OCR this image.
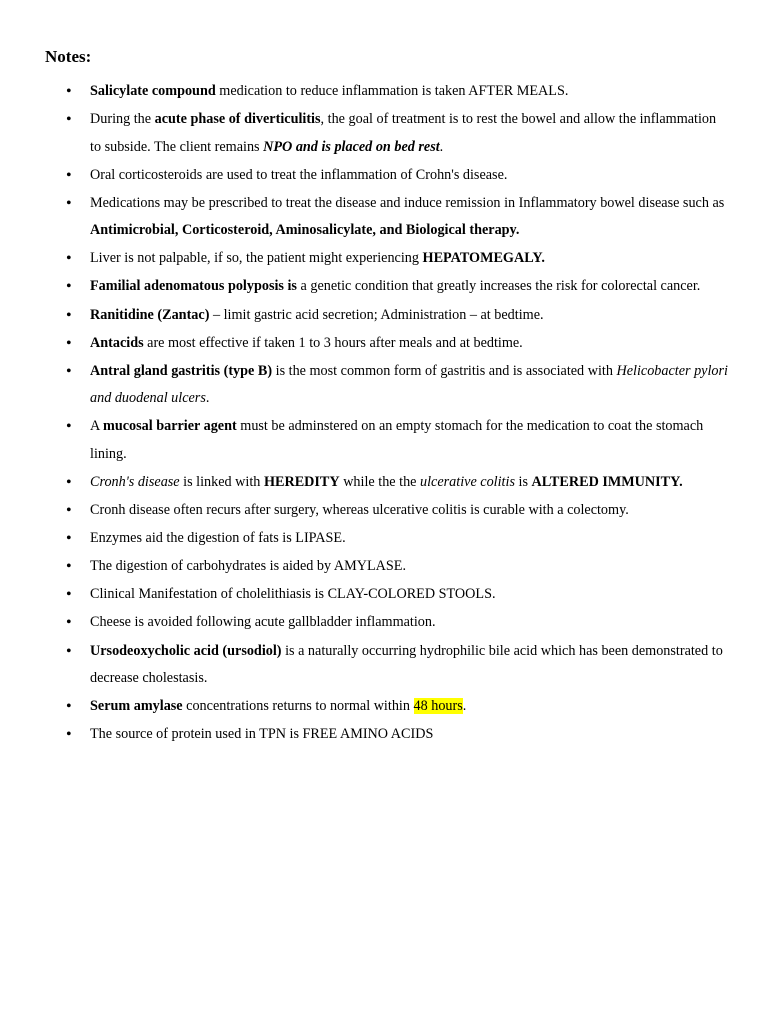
Notes:
• Salicylate compound medication to reduce inflammation is taken AFTER MEALS.
• During the acute phase of diverticulitis, the goal of treatment is to rest the bowel and allow the inflammation to subside. The client remains NPO and is placed on bed rest.
• Oral corticosteroids are used to treat the inflammation of Crohn's disease.
• Medications may be prescribed to treat the disease and induce remission in Inflammatory bowel disease such as Antimicrobial, Corticosteroid, Aminosalicylate, and Biological therapy.
• Liver is not palpable, if so, the patient might experiencing HEPATOMEGALY.
• Familial adenomatous polyposis is a genetic condition that greatly increases the risk for colorectal cancer.
• Ranitidine (Zantac) – limit gastric acid secretion; Administration – at bedtime.
• Antacids are most effective if taken 1 to 3 hours after meals and at bedtime.
• Antral gland gastritis (type B) is the most common form of gastritis and is associated with Helicobacter pylori and duodenal ulcers.
• A mucosal barrier agent must be adminstered on an empty stomach for the medication to coat the stomach lining.
• Cronh's disease is linked with HEREDITY while the the ulcerative colitis is ALTERED IMMUNITY.
• Cronh disease often recurs after surgery, whereas ulcerative colitis is curable with a colectomy.
• Enzymes aid the digestion of fats is LIPASE.
• The digestion of carbohydrates is aided by AMYLASE.
• Clinical Manifestation of cholelithiasis is CLAY-COLORED STOOLS.
• Cheese is avoided following acute gallbladder inflammation.
• Ursodeoxycholic acid (ursodiol) is a naturally occurring hydrophilic bile acid which has been demonstrated to decrease cholestasis.
• Serum amylase concentrations returns to normal within 48 hours.
• The source of protein used in TPN is FREE AMINO ACIDS
